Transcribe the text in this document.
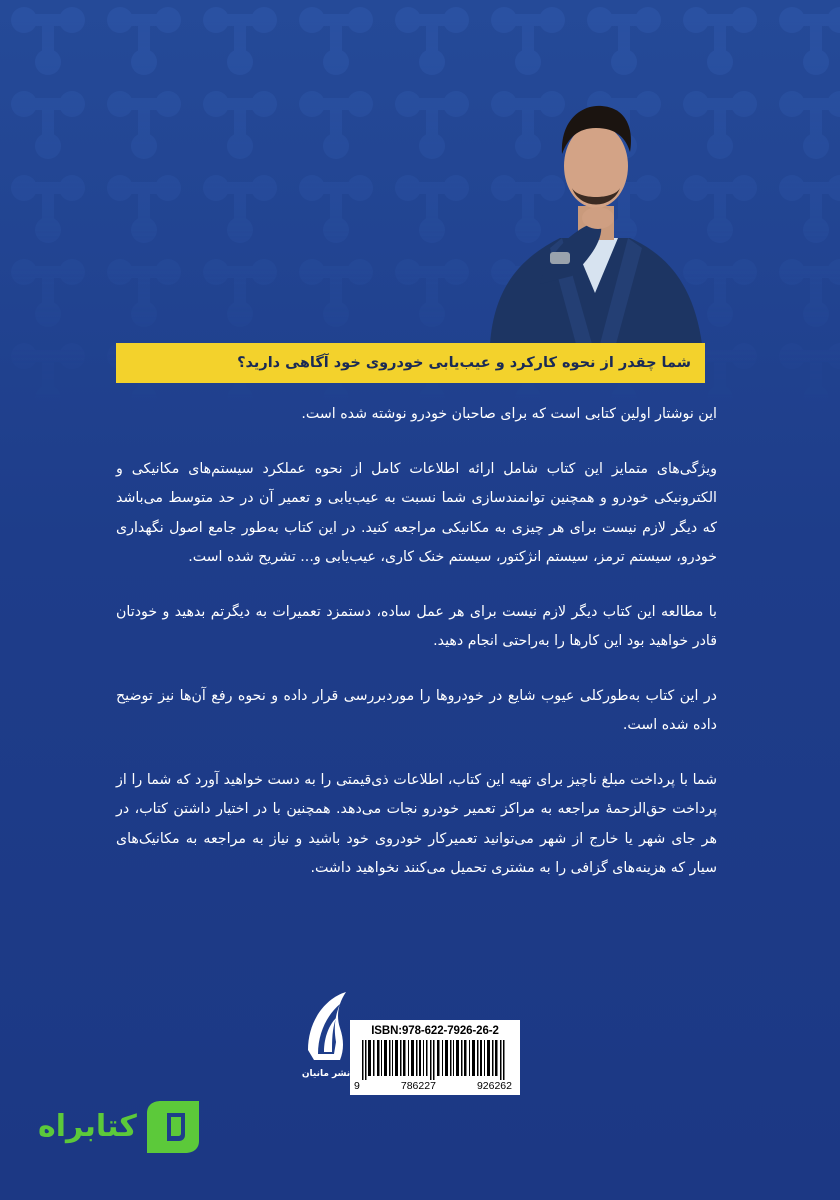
شما چقدر از نحوه کارکرد و عیب‌یابی خودروی خود آگاهی دارید؟

این نوشتار اولین کتابی است که برای صاحبان خودرو نوشته شده است.

ویژگی‌های متمایز این کتاب شامل ارائه اطلاعات کامل از نحوه عملکرد سیستم‌های مکانیکی و الکترونیکی خودرو و همچنین توانمندسازی شما نسبت به عیب‌یابی و تعمیر آن در حد متوسط می‌باشد که دیگر لازم نیست برای هر چیزی به مکانیکی مراجعه کنید. در این کتاب به‌طور جامع اصول نگهداری خودرو، سیستم ترمز، سیستم انژکتور، سیستم خنک کاری، عیب‌یابی و... تشریح شده است.

با مطالعه این کتاب دیگر لازم نیست برای هر عمل ساده، دستمزد تعمیرات به دیگرتم بدهید و خودتان قادر خواهید بود این کارها را به‌راحتی انجام دهید.

در این کتاب به‌طورکلی عیوب شایع در خودروها را موردبررسی قرار داده و نحوه رفع آن‌ها نیز توضیح داده شده است.

شما با پرداخت مبلغ ناچیز برای تهیه این کتاب، اطلاعات ذی‌قیمتی را به دست خواهید آورد که شما را از پرداخت حق‌الزحمهٔ مراجعه به مراکز تعمیر خودرو نجات می‌دهد. همچنین با در اختیار داشتن کتاب، در هر جای شهر یا خارج از شهر می‌توانید تعمیرکار خودروی خود باشید و نیاز به مراجعه به مکانیک‌های سیار که هزینه‌های گزافی را به مشتری تحمیل می‌کنند نخواهید داشت.

نشر مانیان
ISBN:978-622-7926-26-2
9	786227	926262
کتابراه
